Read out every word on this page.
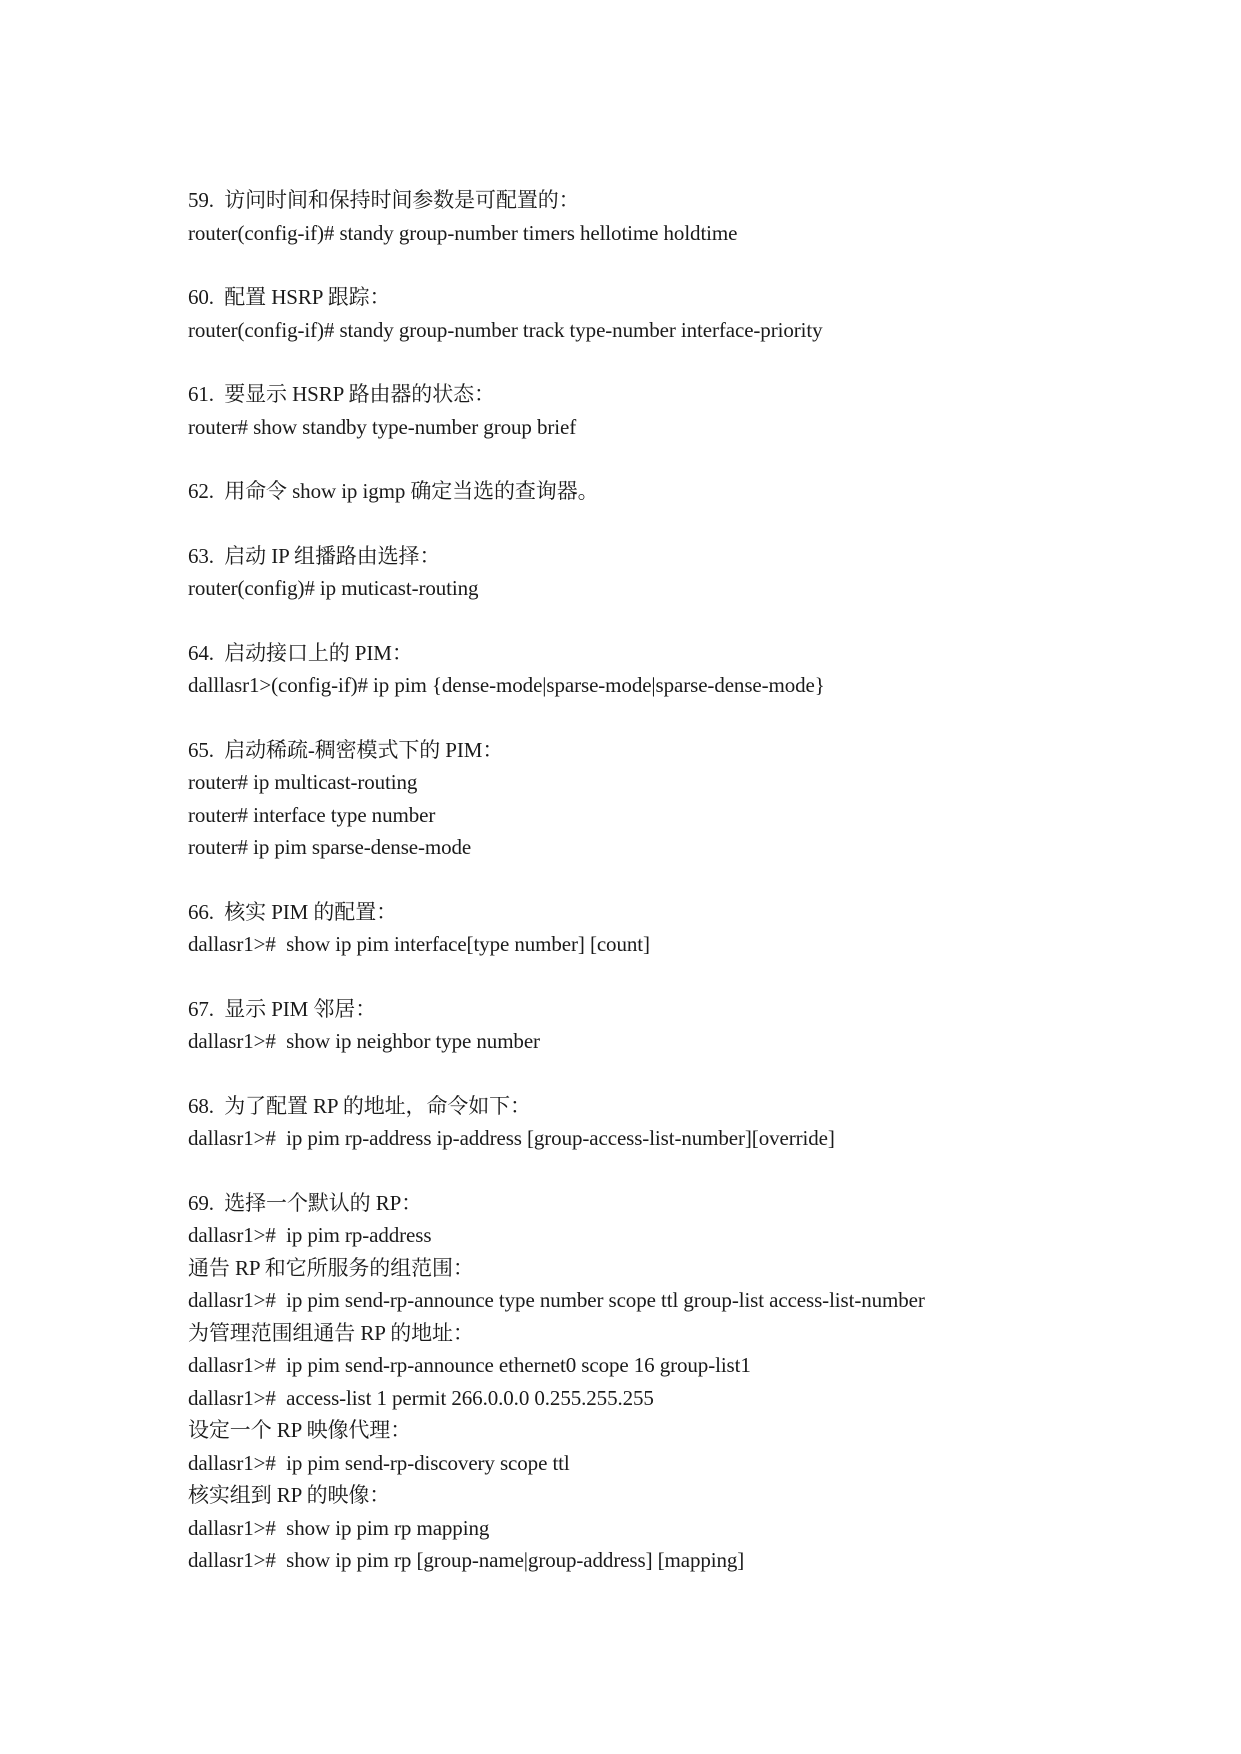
59.  访问时间和保持时间参数是可配置的：
router(config-if)# standy group-number timers hellotime holdtime
60.  配置 HSRP 跟踪：
router(config-if)# standy group-number track type-number interface-priority
61.  要显示 HSRP 路由器的状态：
router# show standby type-number group brief
62.  用命令 show ip igmp 确定当选的查询器。
63.  启动 IP 组播路由选择：
router(config)# ip muticast-routing
64.  启动接口上的 PIM：
dalllasr1>(config-if)# ip pim {dense-mode|sparse-mode|sparse-dense-mode}
65.  启动稀疏-稠密模式下的 PIM：
router# ip multicast-routing
router# interface type number
router# ip pim sparse-dense-mode
66.  核实 PIM 的配置：
dallasr1>#  show ip pim interface[type number] [count]
67.  显示 PIM 邻居：
dallasr1>#  show ip neighbor type number
68.  为了配置 RP 的地址，命令如下：
dallasr1>#  ip pim rp-address ip-address [group-access-list-number][override]
69.  选择一个默认的 RP：
dallasr1>#  ip pim rp-address
通告 RP 和它所服务的组范围：
dallasr1>#  ip pim send-rp-announce type number scope ttl group-list access-list-number
为管理范围组通告 RP 的地址：
dallasr1>#  ip pim send-rp-announce ethernet0 scope 16 group-list1
dallasr1>#  access-list 1 permit 266.0.0.0 0.255.255.255
设定一个 RP 映像代理：
dallasr1>#  ip pim send-rp-discovery scope ttl
核实组到 RP 的映像：
dallasr1>#  show ip pim rp mapping
dallasr1>#  show ip pim rp [group-name|group-address] [mapping]
